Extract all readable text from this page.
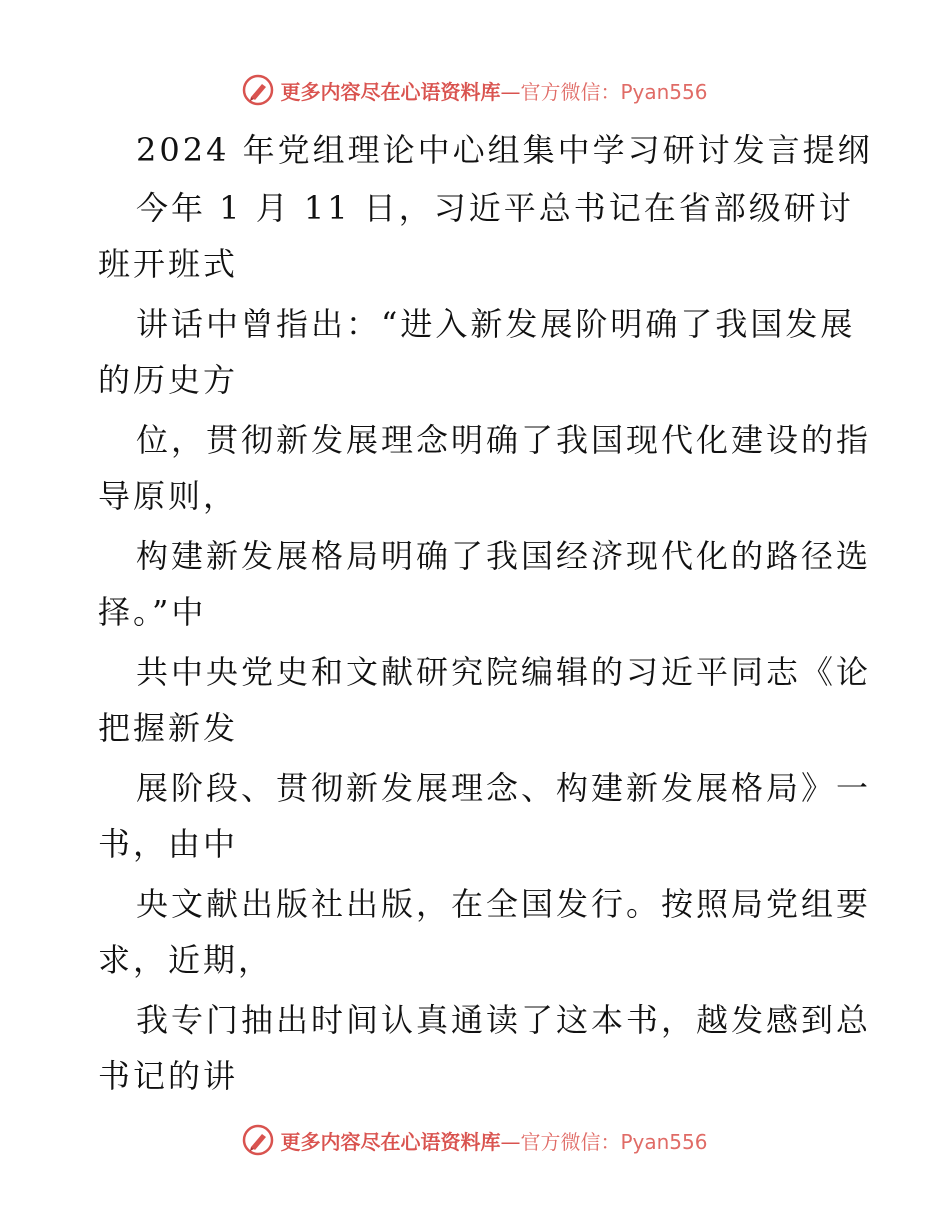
更多内容尽在心语资料库—官方微信：Pyan556
2024 年党组理论中心组集中学习研讨发言提纲
今年 1 月 11 日，习近平总书记在省部级研讨
班开班式
讲话中曾指出：“进入新发展阶明确了我国发展
的历史方
位，贯彻新发展理念明确了我国现代化建设的指
导原则，
构建新发展格局明确了我国经济现代化的路径选
择。”中
共中央党史和文献研究院编辑的习近平同志《论
把握新发
展阶段、贯彻新发展理念、构建新发展格局》一
书，由中
央文献出版社出版，在全国发行。按照局党组要
求，近期，
我专门抽出时间认真通读了这本书，越发感到总
书记的讲
更多内容尽在心语资料库—官方微信：Pyan556
